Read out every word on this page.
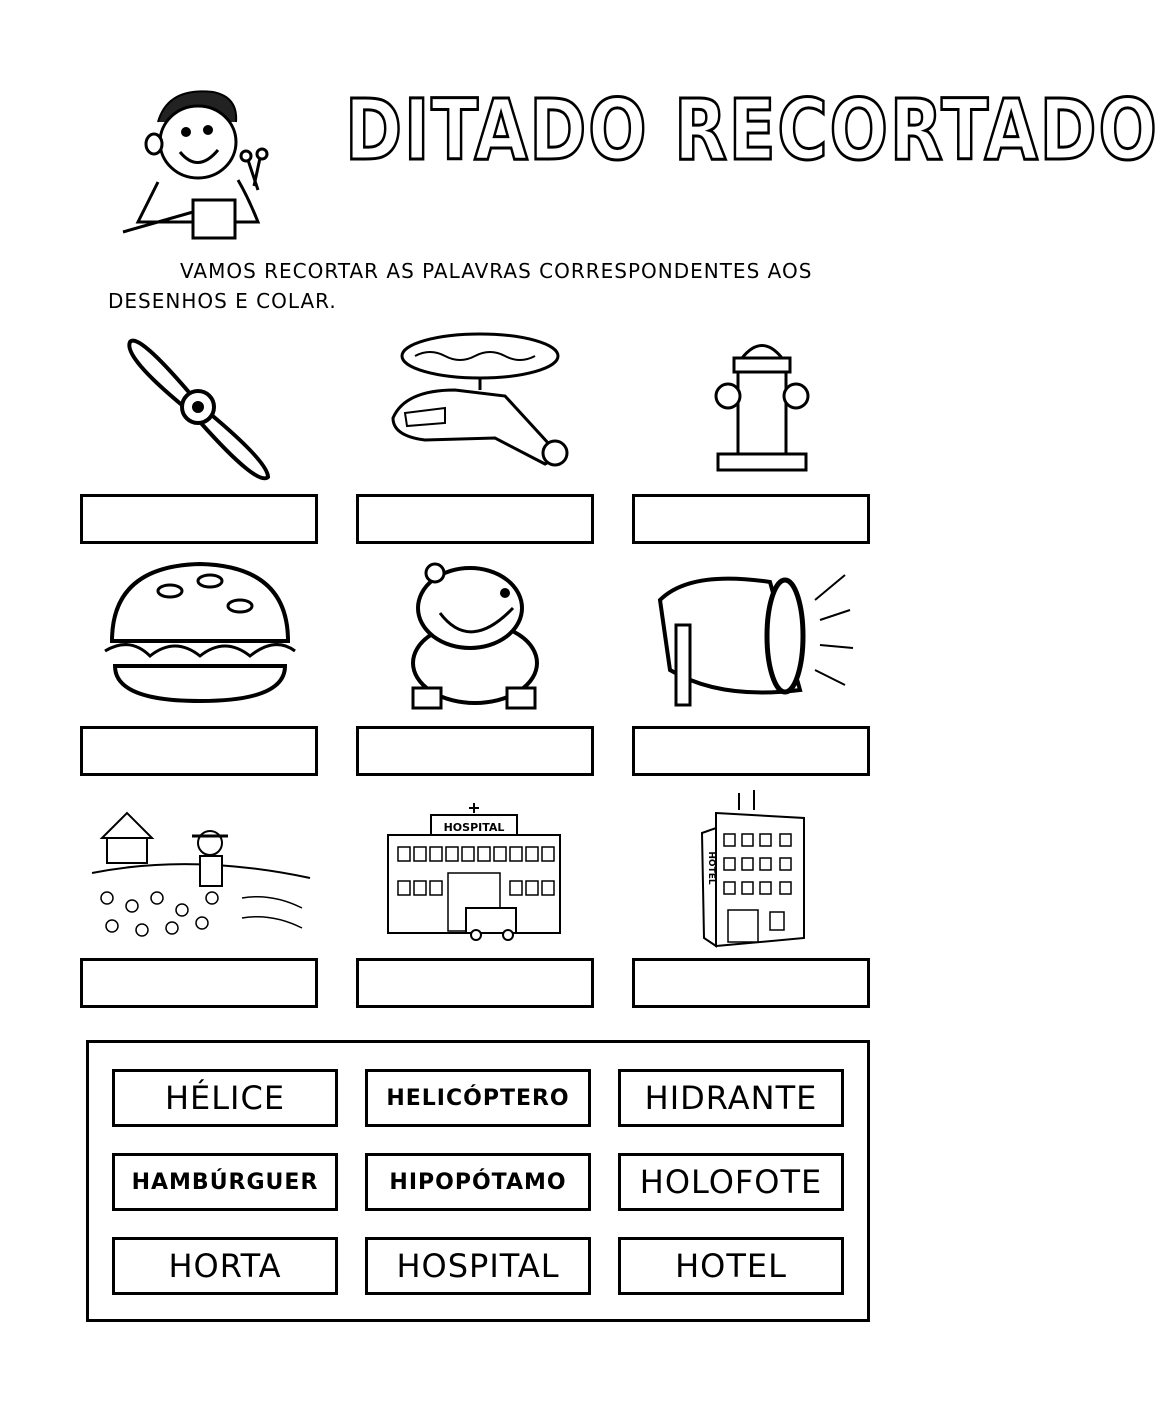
DITADO RECORTADO
VAMOS RECORTAR AS PALAVRAS CORRESPONDENTES AOS
DESENHOS E COLAR.
HOSPITAL
HOTEL
HÉLICE	HELICÓPTERO	HIDRANTE
HAMBÚRGUER	HIPOPÓTAMO	HOLOFOTE
HORTA	HOSPITAL	HOTEL
